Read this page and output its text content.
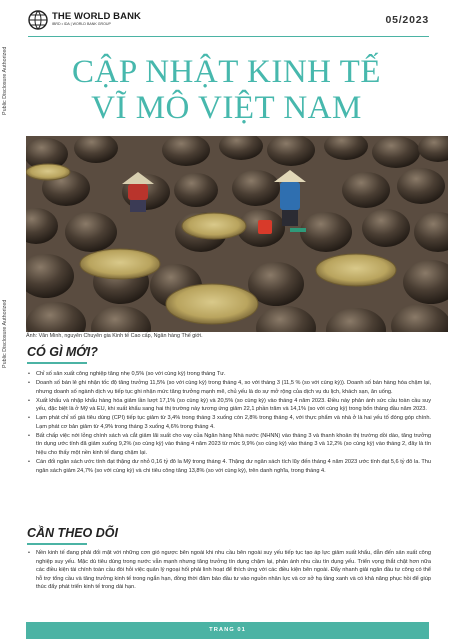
Public Disclosure Authorized
Public Disclosure Authorized
THE WORLD BANK
IBRD • IDA | WORLD BANK GROUP	05/2023
CẬP NHẬT KINH TẾ
VĨ MÔ VIỆT NAM
Ảnh: Văn Minh, nguyên Chuyên gia Kinh tế Cao cấp, Ngân hàng Thế giới.
CÓ GÌ MỚI?
• Chỉ số sản xuất công nghiệp tăng nhẹ 0,5% (so với cùng kỳ) trong tháng Tư.
• Doanh số bán lẻ ghi nhận tốc độ tăng trưởng 11,5% (so với cùng kỳ) trong tháng 4, so với tháng 3 (11,5 % (so với cùng kỳ)). Doanh số bán hàng hóa chậm lại, nhưng doanh số ngành dịch vụ tiếp tục ghi nhận mức tăng trưởng mạnh mẽ, chủ yếu là do sự mở rộng của dịch vụ du lịch, khách sạn, ăn uống.
• Xuất khẩu và nhập khẩu hàng hóa giảm lần lượt 17,1% (so cùng kỳ) và 20,5% (so cùng kỳ) vào tháng 4 năm 2023. Điều này phản ánh sức cầu toàn cầu suy yếu, đặc biệt là ở Mỹ và EU, khi xuất khẩu sang hai thị trường này tương ứng giảm 22,1 phần trăm và 14,1% (so với cùng kỳ) trong bốn tháng đầu năm 2023.
• Lạm phát chỉ số giá tiêu dùng (CPI) tiếp tục giảm từ 3,4% trong tháng 3 xuống còn 2,8% trong tháng 4, với thực phẩm và nhà ở là hai yếu tố đóng góp chính. Lạm phát cơ bản giảm từ 4,9% trong tháng 3 xuống 4,6% trong tháng 4.
• Bất chấp việc nới lỏng chính sách và cắt giảm lãi suất cho vay của Ngân hàng Nhà nước (NHNN) vào tháng 3 và thanh khoản thị trường dồi dào, tăng trưởng tín dụng ước tính đã giảm xuống 9,2% (so cùng kỳ) vào tháng 4 năm 2023 từ mức 9,9% (so cùng kỳ) vào tháng 3 và 12,2% (so cùng kỳ) vào tháng 2, đây là tín hiệu cho thấy một nền kinh tế đang chậm lại.
• Cán đối ngân sách ước tính đạt thặng dư nhỏ 0,16 tỷ đô la Mỹ trong tháng 4. Thặng dư ngân sách tích lũy đến tháng 4 năm 2023 ước tính đạt 5,6 tỷ đô la. Thu ngân sách giảm 24,7% (so với cùng kỳ) và chi tiêu công tăng 13,8% (so với cùng kỳ), trên danh nghĩa, trong tháng 4.
CẦN THEO DÕI
• Nền kinh tế đang phải đối mặt với những cơn gió ngược bên ngoài khi nhu cầu bên ngoài suy yếu tiếp tục tạo áp lực giảm xuất khẩu, dẫn đến sản xuất công nghiệp suy yếu. Mặc dù tiêu dùng trong nước vẫn mạnh nhưng tăng trưởng tín dụng chậm lại, phản ánh nhu cầu tín dụng yếu. Triển vọng thắt chặt hơn nữa các điều kiện tài chính toàn cầu đòi hỏi việc quản lý ngoại hối phải linh hoạt để thích ứng với các điều kiện bên ngoài. Đẩy nhanh giải ngân đầu tư công có thể hỗ trợ tổng cầu và tăng trưởng kinh tế trong ngắn hạn, đồng thời đảm bảo đầu tư vào nguồn nhân lực và cơ sở hạ tầng xanh và có khả năng phục hồi để giúp thúc đẩy phát triển kinh tế trong dài hạn.
TRANG 01
